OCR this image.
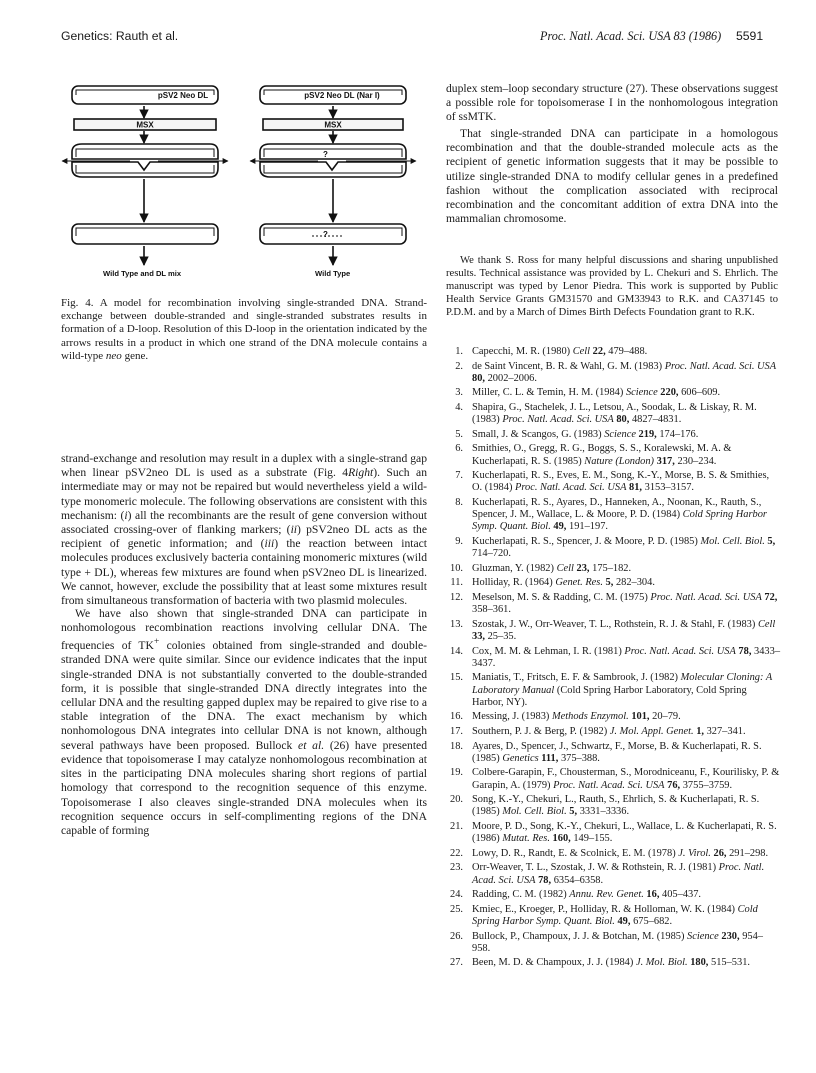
Genetics: Rauth et al.	Proc. Natl. Acad. Sci. USA 83 (1986) 5591
pSV2 Neo DL
MSX
Wild Type and DL mix
pSV2 Neo DL (Nar I)
MSX
?
?
Wild Type

Fig. 4. A model for recombination involving single-stranded DNA. Strand-exchange between double-stranded and single-stranded substrates results in formation of a D-loop. Resolution of this D-loop in the orientation indicated by the arrows results in a product in which one strand of the DNA molecule contains a wild-type neo gene.

strand-exchange and resolution may result in a duplex with a single-strand gap when linear pSV2neo DL is used as a substrate (Fig. 4Right). Such an intermediate may or may not be repaired but would nevertheless yield a wild-type monomeric molecule. The following observations are consistent with this mechanism: (i) all the recombinants are the result of gene conversion without associated crossing-over of flanking markers; (ii) pSV2neo DL acts as the recipient of genetic information; and (iii) the reaction between intact molecules produces exclusively bacteria containing monomeric mixtures (wild type + DL), whereas few mixtures are found when pSV2neo DL is linearized. We cannot, however, exclude the possibility that at least some mixtures result from simultaneous transformation of bacteria with two plasmid molecules.

We have also shown that single-stranded DNA can participate in nonhomologous recombination reactions involving cellular DNA. The frequencies of TK+ colonies obtained from single-stranded and double-stranded DNA were quite similar. Since our evidence indicates that the input single-stranded DNA is not substantially converted to the double-stranded form, it is possible that single-stranded DNA directly integrates into the cellular DNA and the resulting gapped duplex may be repaired to give rise to a stable integration of the DNA. The exact mechanism by which nonhomologous DNA integrates into cellular DNA is not known, although several pathways have been proposed. Bullock et al. (26) have presented evidence that topoisomerase I may catalyze nonhomologous recombination at sites in the participating DNA molecules sharing short regions of partial homology that correspond to the recognition sequence of this enzyme. Topoisomerase I also cleaves single-stranded DNA molecules when its recognition sequence occurs in self-complimenting regions of the DNA capable of forming

duplex stem–loop secondary structure (27). These observations suggest a possible role for topoisomerase I in the nonhomologous integration of ssMTK.

That single-stranded DNA can participate in a homologous recombination and that the double-stranded molecule acts as the recipient of genetic information suggests that it may be possible to utilize single-stranded DNA to modify cellular genes in a predefined fashion without the complication associated with reciprocal recombination and the concomitant addition of extra DNA into the mammalian chromosome.

We thank S. Ross for many helpful discussions and sharing unpublished results. Technical assistance was provided by L. Chekuri and S. Ehrlich. The manuscript was typed by Lenor Piedra. This work is supported by Public Health Service Grants GM31570 and GM33943 to R.K. and CA37145 to P.D.M. and by a March of Dimes Birth Defects Foundation grant to R.K.

1. Capecchi, M. R. (1980) Cell 22, 479–488.
2. de Saint Vincent, B. R. & Wahl, G. M. (1983) Proc. Natl. Acad. Sci. USA 80, 2002–2006.
3. Miller, C. L. & Temin, H. M. (1984) Science 220, 606–609.
4. Shapira, G., Stachelek, J. L., Letsou, A., Soodak, L. & Liskay, R. M. (1983) Proc. Natl. Acad. Sci. USA 80, 4827–4831.
5. Small, J. & Scangos, G. (1983) Science 219, 174–176.
6. Smithies, O., Gregg, R. G., Boggs, S. S., Koralewski, M. A. & Kucherlapati, R. S. (1985) Nature (London) 317, 230–234.
7. Kucherlapati, R. S., Eves, E. M., Song, K.-Y., Morse, B. S. & Smithies, O. (1984) Proc. Natl. Acad. Sci. USA 81, 3153–3157.
8. Kucherlapati, R. S., Ayares, D., Hanneken, A., Noonan, K., Rauth, S., Spencer, J. M., Wallace, L. & Moore, P. D. (1984) Cold Spring Harbor Symp. Quant. Biol. 49, 191–197.
9. Kucherlapati, R. S., Spencer, J. & Moore, P. D. (1985) Mol. Cell. Biol. 5, 714–720.
10. Gluzman, Y. (1982) Cell 23, 175–182.
11. Holliday, R. (1964) Genet. Res. 5, 282–304.
12. Meselson, M. S. & Radding, C. M. (1975) Proc. Natl. Acad. Sci. USA 72, 358–361.
13. Szostak, J. W., Orr-Weaver, T. L., Rothstein, R. J. & Stahl, F. (1983) Cell 33, 25–35.
14. Cox, M. M. & Lehman, I. R. (1981) Proc. Natl. Acad. Sci. USA 78, 3433–3437.
15. Maniatis, T., Fritsch, E. F. & Sambrook, J. (1982) Molecular Cloning: A Laboratory Manual (Cold Spring Harbor Laboratory, Cold Spring Harbor, NY).
16. Messing, J. (1983) Methods Enzymol. 101, 20–79.
17. Southern, P. J. & Berg, P. (1982) J. Mol. Appl. Genet. 1, 327–341.
18. Ayares, D., Spencer, J., Schwartz, F., Morse, B. & Kucherlapati, R. S. (1985) Genetics 111, 375–388.
19. Colbere-Garapin, F., Chousterman, S., Morodniceanu, F., Kourilisky, P. & Garapin, A. (1979) Proc. Natl. Acad. Sci. USA 76, 3755–3759.
20. Song, K.-Y., Chekuri, L., Rauth, S., Ehrlich, S. & Kucherlapati, R. S. (1985) Mol. Cell. Biol. 5, 3331–3336.
21. Moore, P. D., Song, K.-Y., Chekuri, L., Wallace, L. & Kucherlapati, R. S. (1986) Mutat. Res. 160, 149–155.
22. Lowy, D. R., Randt, E. & Scolnick, E. M. (1978) J. Virol. 26, 291–298.
23. Orr-Weaver, T. L., Szostak, J. W. & Rothstein, R. J. (1981) Proc. Natl. Acad. Sci. USA 78, 6354–6358.
24. Radding, C. M. (1982) Annu. Rev. Genet. 16, 405–437.
25. Kmiec, E., Kroeger, P., Holliday, R. & Holloman, W. K. (1984) Cold Spring Harbor Symp. Quant. Biol. 49, 675–682.
26. Bullock, P., Champoux, J. J. & Botchan, M. (1985) Science 230, 954–958.
27. Been, M. D. & Champoux, J. J. (1984) J. Mol. Biol. 180, 515–531.
